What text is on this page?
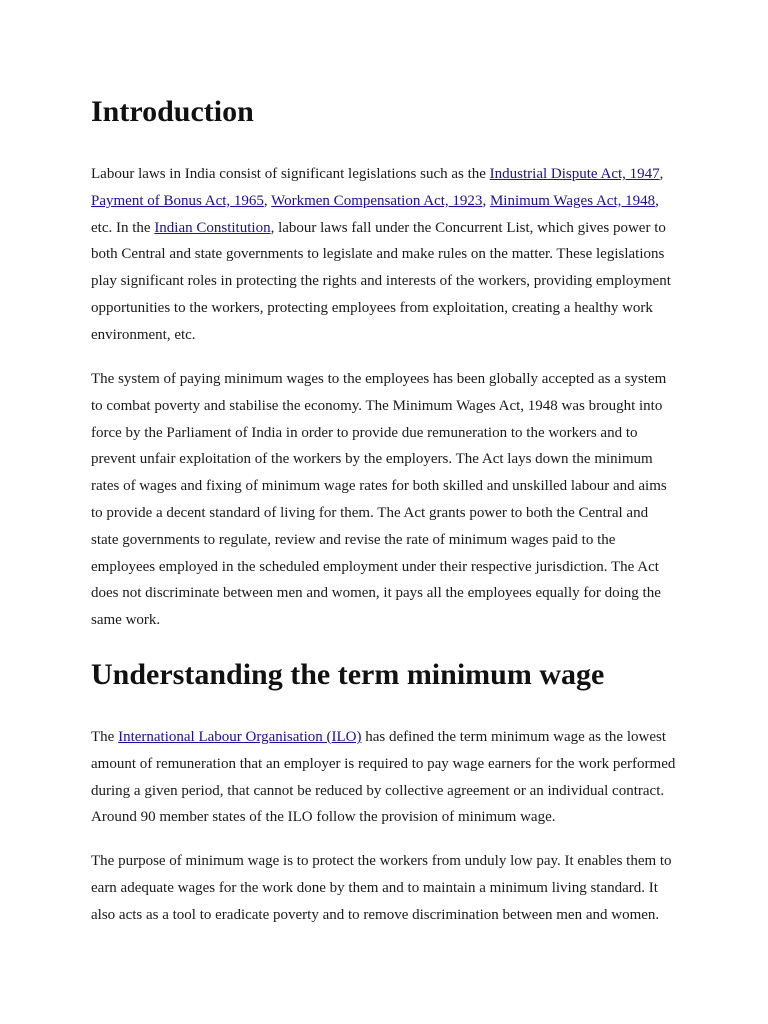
Introduction

Labour laws in India consist of significant legislations such as the Industrial Dispute Act, 1947,
Payment of Bonus Act, 1965, Workmen Compensation Act, 1923, Minimum Wages Act, 1948,
etc. In the Indian Constitution, labour laws fall under the Concurrent List, which gives power to
both Central and state governments to legislate and make rules on the matter. These legislations
play significant roles in protecting the rights and interests of the workers, providing employment
opportunities to the workers, protecting employees from exploitation, creating a healthy work
environment, etc.

The system of paying minimum wages to the employees has been globally accepted as a system
to combat poverty and stabilise the economy. The Minimum Wages Act, 1948 was brought into
force by the Parliament of India in order to provide due remuneration to the workers and to
prevent unfair exploitation of the workers by the employers. The Act lays down the minimum
rates of wages and fixing of minimum wage rates for both skilled and unskilled labour and aims
to provide a decent standard of living for them. The Act grants power to both the Central and
state governments to regulate, review and revise the rate of minimum wages paid to the
employees employed in the scheduled employment under their respective jurisdiction. The Act
does not discriminate between men and women, it pays all the employees equally for doing the
same work.

Understanding the term minimum wage

The International Labour Organisation (ILO) has defined the term minimum wage as the lowest
amount of remuneration that an employer is required to pay wage earners for the work performed
during a given period, that cannot be reduced by collective agreement or an individual contract.
Around 90 member states of the ILO follow the provision of minimum wage.

The purpose of minimum wage is to protect the workers from unduly low pay. It enables them to
earn adequate wages for the work done by them and to maintain a minimum living standard. It
also acts as a tool to eradicate poverty and to remove discrimination between men and women.
